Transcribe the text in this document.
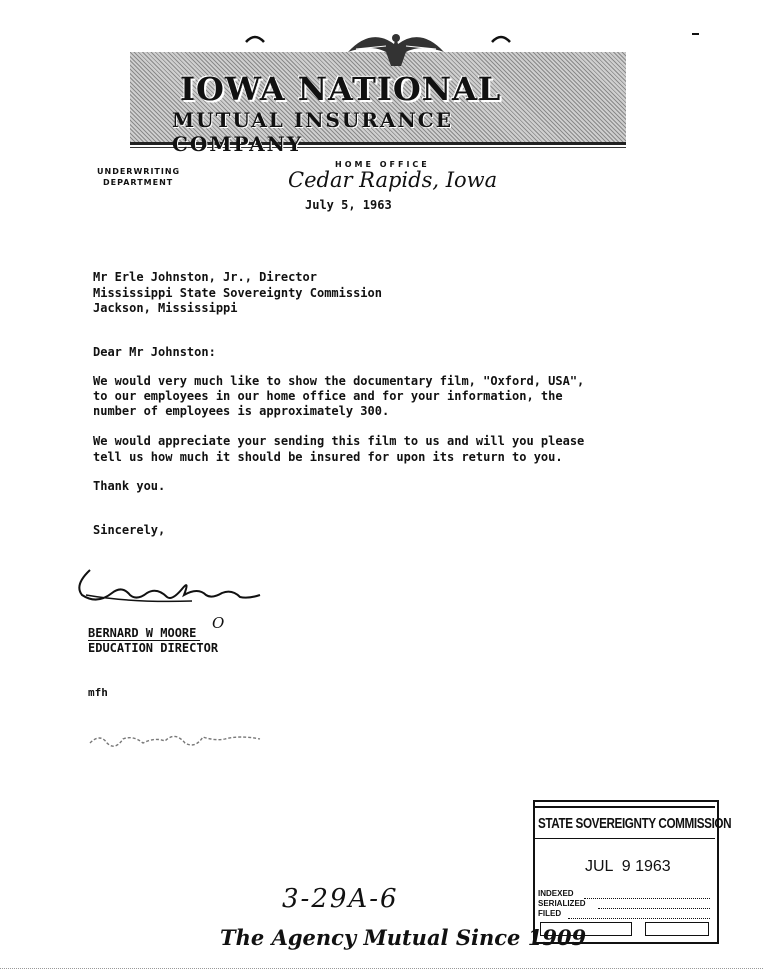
IOWA NATIONAL
MUTUAL INSURANCE COMPANY
UNDERWRITING
DEPARTMENT
HOME OFFICE
Cedar Rapids, Iowa
July 5, 1963
Mr Erle Johnston, Jr., Director
Mississippi State Sovereignty Commission
Jackson, Mississippi
Dear Mr Johnston:
We would very much like to show the documentary film, "Oxford, USA",
to our employees in our home office and for your information, the
number of employees is approximately 300.
We would appreciate your sending this film to us and will you please
tell us how much it should be insured for upon its return to you.
Thank you.
Sincerely,
BERNARD W MOORE
O
EDUCATION DIRECTOR
mfh
STATE SOVEREIGNTY COMMISSION
JUL  9 1963
INDEXED
SERIALIZED
FILED
3-29A-6
The Agency Mutual Since 1909
